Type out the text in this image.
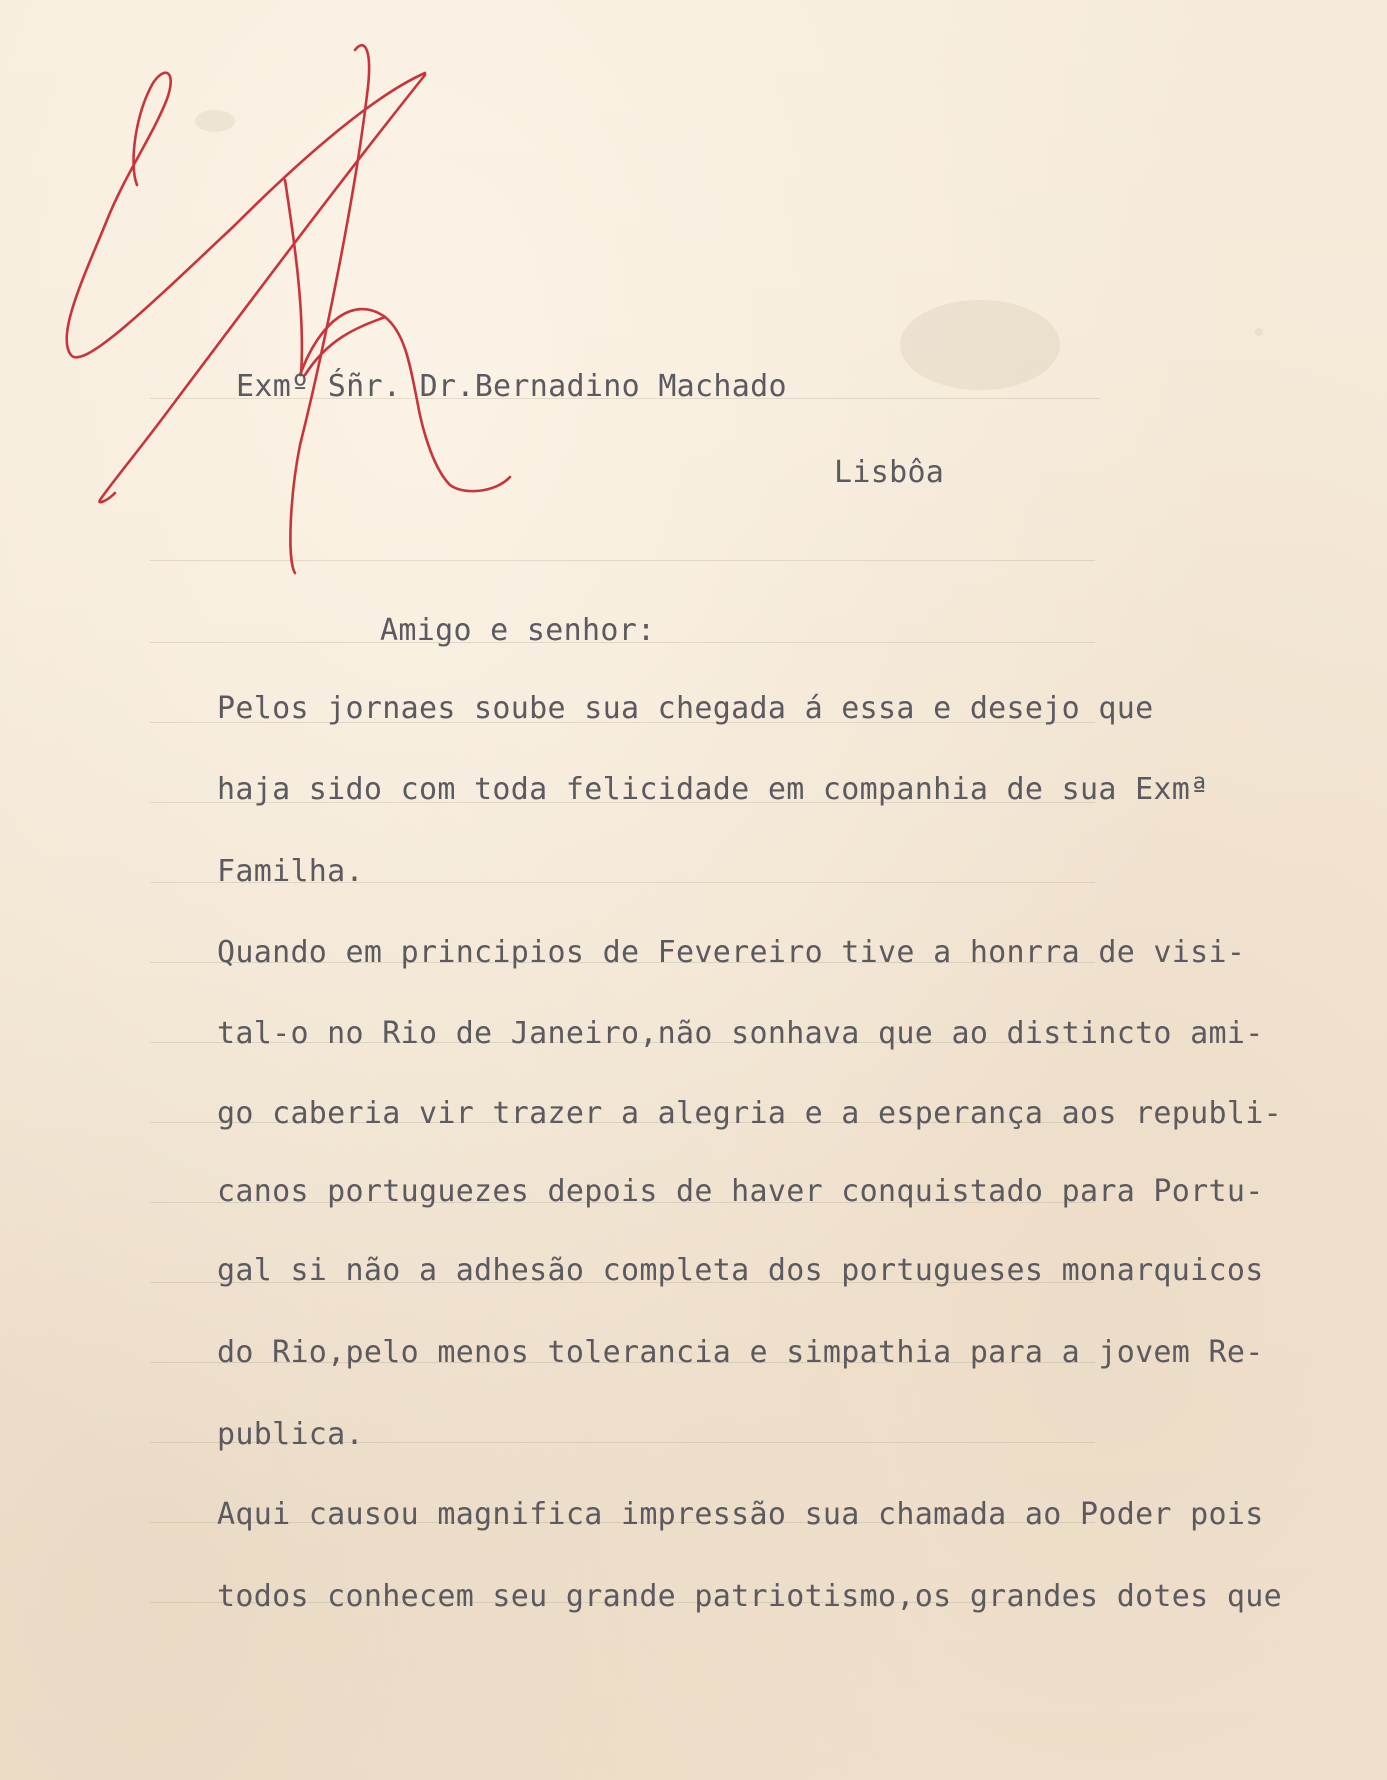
Exmº Śñr. Dr.Bernadino Machado

Lisbôa

Amigo e senhor:

Pelos jornaes soube sua chegada á essa e desejo que

haja sido com toda felicidade em companhia de sua Exmª

Familha.

Quando em principios de Fevereiro tive a honrra de visi-

tal-o no Rio de Janeiro,não sonhava que ao distincto ami-

go caberia vir trazer a alegria e a esperança aos republi-

canos portuguezes depois de haver conquistado para Portu-

gal si não a adhesão completa dos portugueses monarquicos

do Rio,pelo menos tolerancia e simpathia para a jovem Re-

publica.

Aqui causou magnifica impressão sua chamada ao Poder pois

todos conhecem seu grande patriotismo,os grandes dotes que
